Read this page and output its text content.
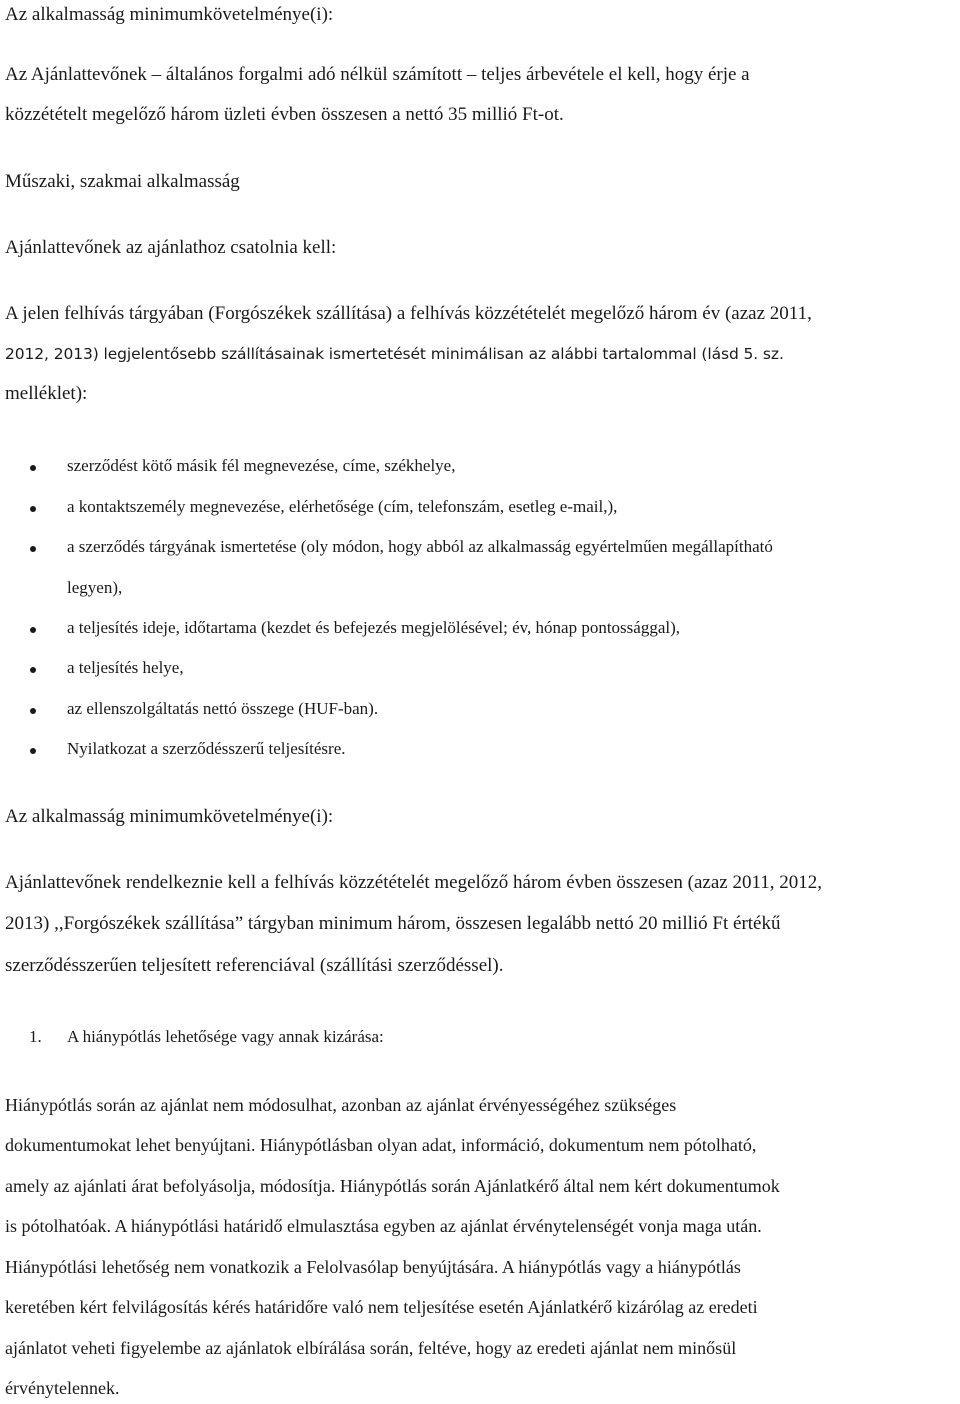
Az alkalmasság minimumkövetelménye(i):
Az Ajánlattevőnek – általános forgalmi adó nélkül számított – teljes árbevétele el kell, hogy érje a
közzétételt megelőző három üzleti évben összesen a nettó 35 millió Ft-ot.
Műszaki, szakmai alkalmasság
Ajánlattevőnek az ajánlathoz csatolnia kell:
A jelen felhívás tárgyában (Forgószékek szállítása) a felhívás közzétételét megelőző három év (azaz 2011,
2012, 2013) legjelentősebb szállításainak ismertetését minimálisan az alábbi tartalommal (lásd 5. sz.
melléklet):
szerződést kötő másik fél megnevezése, címe, székhelye,
a kontaktszemély megnevezése, elérhetősége (cím, telefonszám, esetleg e-mail,),
a szerződés tárgyának ismertetése (oly módon, hogy abból az alkalmasság egyértelműen megállapítható
legyen),
a teljesítés ideje, időtartama (kezdet és befejezés megjelölésével; év, hónap pontossággal),
a teljesítés helye,
az ellenszolgáltatás nettó összege (HUF-ban).
Nyilatkozat a szerződésszerű teljesítésre.
Az alkalmasság minimumkövetelménye(i):
Ajánlattevőnek rendelkeznie kell a felhívás közzétételét megelőző három évben összesen (azaz 2011, 2012,
2013) ,,Forgószékek szállítása” tárgyban minimum három, összesen legalább nettó 20 millió Ft értékű
szerződésszerűen teljesített referenciával (szállítási szerződéssel).
1. A hiánypótlás lehetősége vagy annak kizárása:
Hiánypótlás során az ajánlat nem módosulhat, azonban az ajánlat érvényességéhez szükséges
dokumentumokat lehet benyújtani. Hiánypótlásban olyan adat, információ, dokumentum nem pótolható,
amely az ajánlati árat befolyásolja, módosítja. Hiánypótlás során Ajánlatkérő által nem kért dokumentumok
is pótolhatóak. A hiánypótlási határidő elmulasztása egyben az ajánlat érvénytelenségét vonja maga után.
Hiánypótlási lehetőség nem vonatkozik a Felolvasólap benyújtására. A hiánypótlás vagy a hiánypótlás
keretében kért felvilágosítás kérés határidőre való nem teljesítése esetén Ajánlatkérő kizárólag az eredeti
ajánlatot veheti figyelembe az ajánlatok elbírálása során, feltéve, hogy az eredeti ajánlat nem minősül
érvénytelennek.
